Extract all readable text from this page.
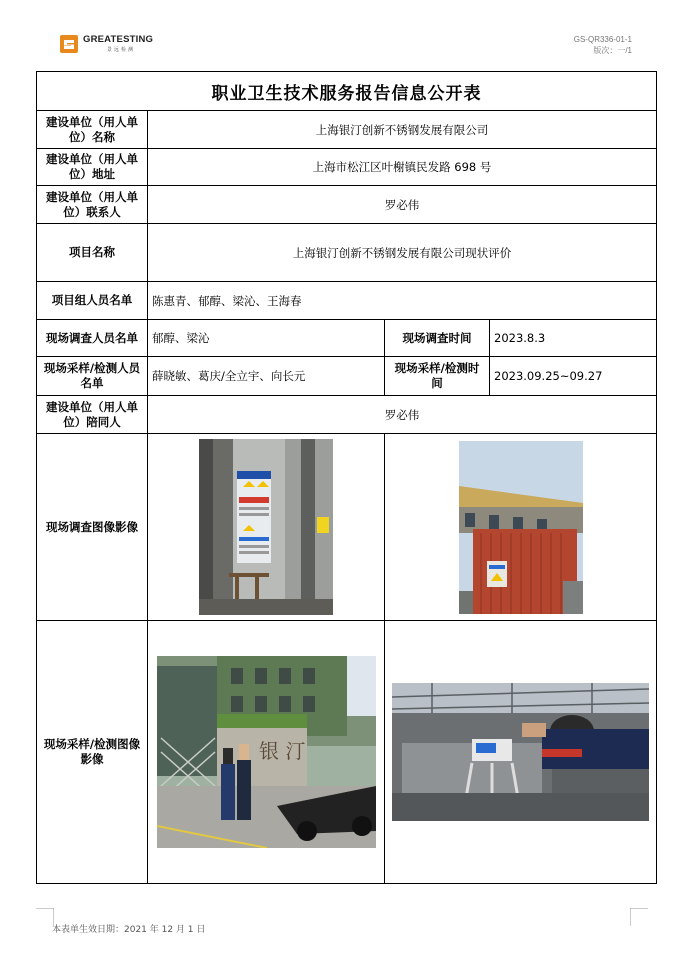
GREATESTING
景远检测
GS-QR336-01-1
版次：一/1
职业卫生技术服务报告信息公开表			
建设单位（用人单位）名称	上海银汀创新不锈钢发展有限公司		
建设单位（用人单位）地址	上海市松江区叶榭镇民发路 698 号		
建设单位（用人单位）联系人	罗必伟		
项目名称	上海银汀创新不锈钢发展有限公司现状评价		
项目组人员名单	陈惠青、郁醇、梁沁、王海春		
现场调查人员名单	郁醇、梁沁	现场调查时间	2023.8.3
现场采样/检测人员名单	薛晓敏、葛庆/全立宇、向长元	现场采样/检测时间	2023.09.25~09.27
建设单位（用人单位）陪同人	罗必伟		
现场调查图像影像		
现场采样/检测图像影像	银 汀

本表单生效日期：2021 年 12 月 1 日
